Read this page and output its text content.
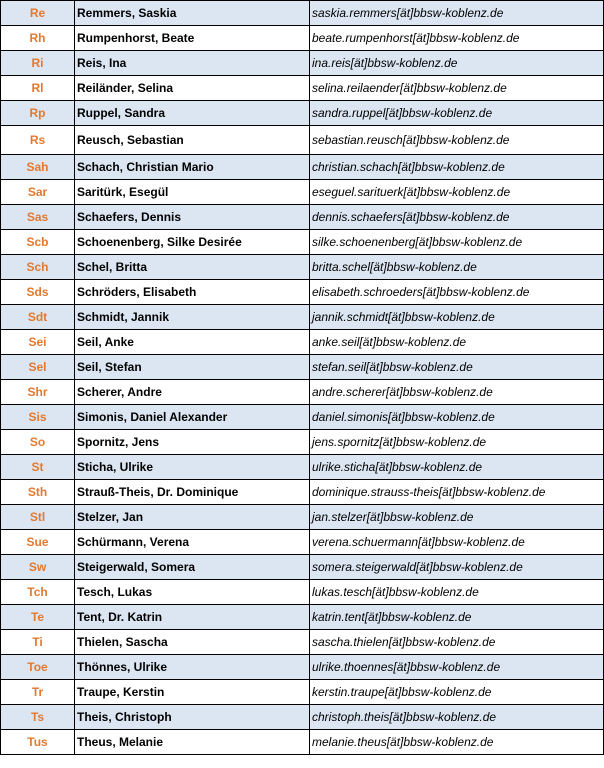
Re	Remmers, Saskia	saskia.remmers[ät]bbsw-koblenz.de
Rh	Rumpenhorst, Beate	beate.rumpenhorst[ät]bbsw-koblenz.de
Ri	Reis, Ina	ina.reis[ät]bbsw-koblenz.de
Rl	Reiländer, Selina	selina.reilaender[ät]bbsw-koblenz.de
Rp	Ruppel, Sandra	sandra.ruppel[ät]bbsw-koblenz.de
Rs	Reusch, Sebastian	sebastian.reusch[ät]bbsw-koblenz.de
Sah	Schach, Christian Mario	christian.schach[ät]bbsw-koblenz.de
Sar	Saritürk, Esegül	eseguel.sarituerk[ät]bbsw-koblenz.de
Sas	Schaefers, Dennis	dennis.schaefers[ät]bbsw-koblenz.de
Scb	Schoenenberg, Silke Desirée	silke.schoenenberg[ät]bbsw-koblenz.de
Sch	Schel, Britta	britta.schel[ät]bbsw-koblenz.de
Sds	Schröders, Elisabeth	elisabeth.schroeders[ät]bbsw-koblenz.de
Sdt	Schmidt, Jannik	jannik.schmidt[ät]bbsw-koblenz.de
Sei	Seil, Anke	anke.seil[ät]bbsw-koblenz.de
Sel	Seil, Stefan	stefan.seil[ät]bbsw-koblenz.de
Shr	Scherer, Andre	andre.scherer[ät]bbsw-koblenz.de
Sis	Simonis, Daniel Alexander	daniel.simonis[ät]bbsw-koblenz.de
So	Spornitz, Jens	jens.spornitz[ät]bbsw-koblenz.de
St	Sticha, Ulrike	ulrike.sticha[ät]bbsw-koblenz.de
Sth	Strauß-Theis, Dr. Dominique	dominique.strauss-theis[ät]bbsw-koblenz.de
Stl	Stelzer, Jan	jan.stelzer[ät]bbsw-koblenz.de
Sue	Schürmann, Verena	verena.schuermann[ät]bbsw-koblenz.de
Sw	Steigerwald, Somera	somera.steigerwald[ät]bbsw-koblenz.de
Tch	Tesch, Lukas	lukas.tesch[ät]bbsw-koblenz.de
Te	Tent, Dr. Katrin	katrin.tent[ät]bbsw-koblenz.de
Ti	Thielen, Sascha	sascha.thielen[ät]bbsw-koblenz.de
Toe	Thönnes, Ulrike	ulrike.thoennes[ät]bbsw-koblenz.de
Tr	Traupe, Kerstin	kerstin.traupe[ät]bbsw-koblenz.de
Ts	Theis, Christoph	christoph.theis[ät]bbsw-koblenz.de
Tus	Theus, Melanie	melanie.theus[ät]bbsw-koblenz.de
